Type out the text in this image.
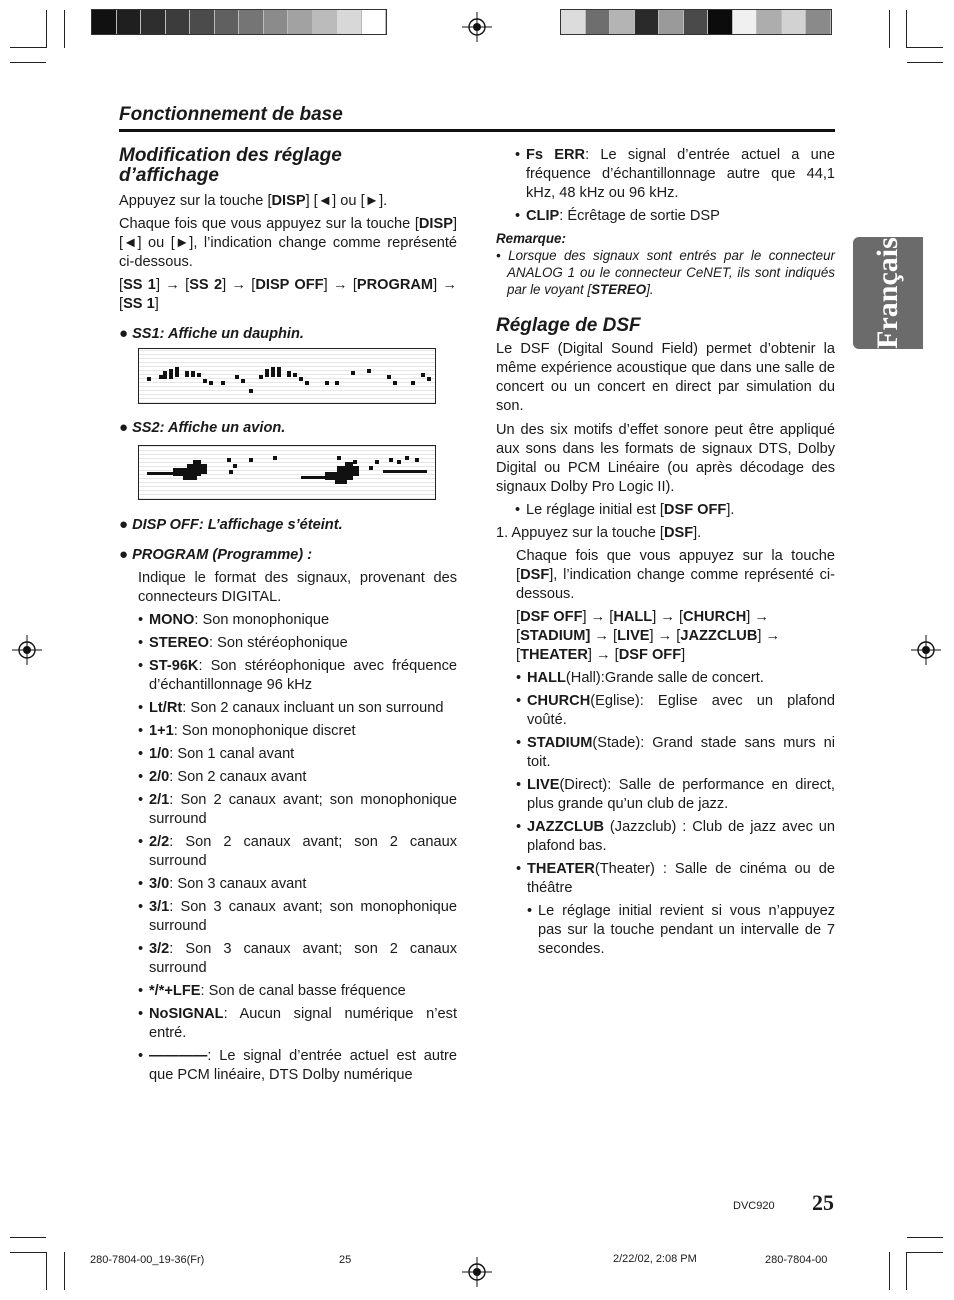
Français
Fonctionnement de base
Modification des réglage d’affichage

Appuyez sur la touche [DISP] [◄] ou [►].

Chaque fois que vous appuyez sur la touche [DISP] [◄] ou [►], l’indication change comme représenté ci-dessous.

[SS 1] → [SS 2] → [DISP OFF] → [PROGRAM] → [SS 1]

● SS1: Affiche un dauphin.

● SS2: Affiche un avion.

● DISP OFF: L’affichage s’éteint.

● PROGRAM (Programme) :

Indique le format des signaux, provenant des connecteurs DIGITAL.

• MONO: Son monophonique

• STEREO: Son stéréophonique

• ST-96K: Son stéréophonique avec fréquence d’échantillonnage 96 kHz

• Lt/Rt: Son 2 canaux incluant un son surround

• 1+1: Son monophonique discret

• 1/0: Son 1 canal avant

• 2/0: Son 2 canaux avant

• 2/1: Son 2 canaux avant; son monophonique surround

• 2/2: Son 2 canaux avant; son 2 canaux surround

• 3/0: Son 3 canaux avant

• 3/1: Son 3 canaux avant; son monophonique surround

• 3/2: Son 3 canaux avant; son 2 canaux surround

• */*+LFE: Son de canal basse fréquence

• NoSIGNAL: Aucun signal numérique n’est entré.

• ————: Le signal d’entrée actuel est autre que PCM linéaire, DTS Dolby numérique

• Fs ERR: Le signal d’entrée actuel a une fréquence d’échantillonnage autre que 44,1 kHz, 48 kHz ou 96 kHz.

• CLIP: Écrêtage de sortie DSP

Remarque:
• Lorsque des signaux sont entrés par le connecteur ANALOG 1 ou le connecteur CeNET, ils sont indiqués par le voyant [STEREO].
Réglage de DSF

Le DSF (Digital Sound Field) permet d’obtenir la même expérience acoustique que dans une salle de concert ou un concert en direct par simulation du son.

Un des six motifs d’effet sonore peut être appliqué aux sons dans les formats de signaux DTS, Dolby Digital ou PCM Linéaire (ou après décodage des signaux Dolby Pro Logic II).

• Le réglage initial est [DSF OFF].

1. Appuyez sur la touche [DSF].

Chaque fois que vous appuyez sur la touche [DSF], l’indication change comme représenté ci-dessous.

[DSF OFF] → [HALL] → [CHURCH] → [STADIUM] → [LIVE] → [JAZZCLUB] → [THEATER] → [DSF OFF]

• HALL(Hall):Grande salle de concert.

• CHURCH(Eglise): Eglise avec un plafond voûté.

• STADIUM(Stade): Grand stade sans murs ni toit.

• LIVE(Direct): Salle de performance en direct, plus grande qu’un club de jazz.

• JAZZCLUB (Jazzclub) : Club de jazz avec un plafond bas.

• THEATER(Theater) : Salle de cinéma ou de théâtre

• Le réglage initial revient si vous n’appuyez pas sur la touche pendant un intervalle de 7 secondes.

DVC920 25
280-7804-00_19-36(Fr)	25	2/22/02, 2:08 PM	280-7804-00
